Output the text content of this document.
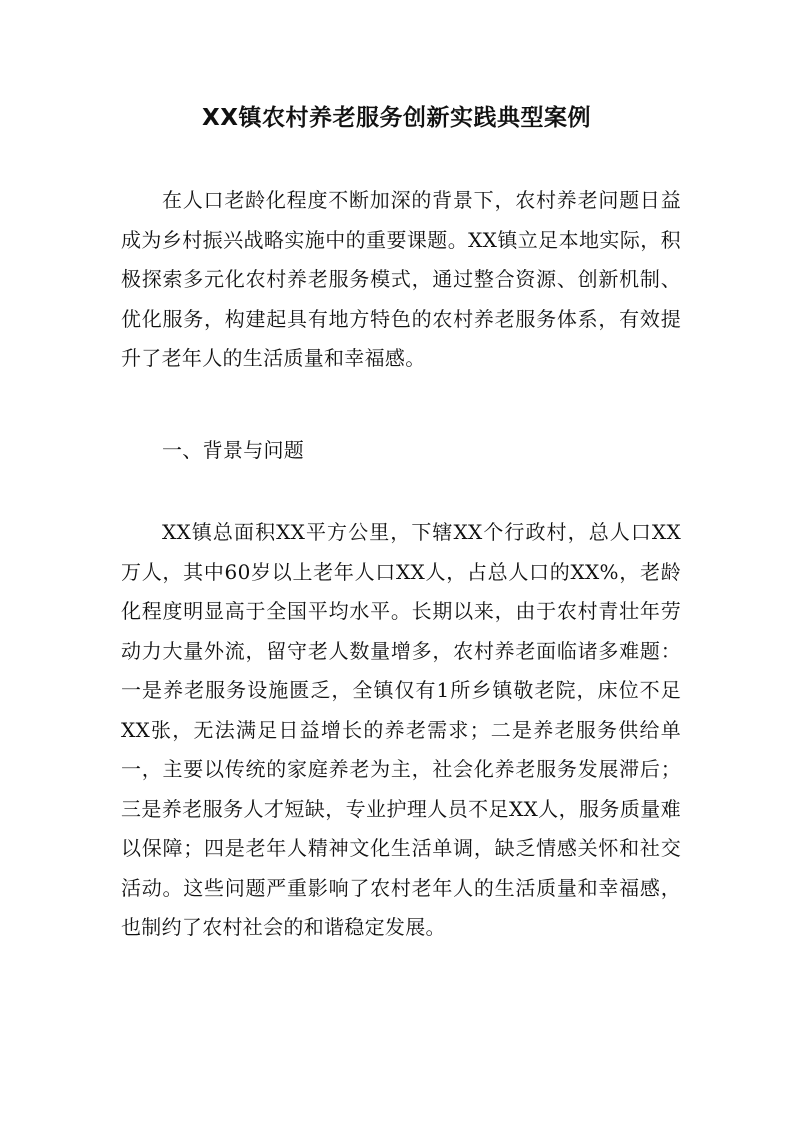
XX镇农村养老服务创新实践典型案例

在人口老龄化程度不断加深的背景下，农村养老问题日益成为乡村振兴战略实施中的重要课题。XX镇立足本地实际，积极探索多元化农村养老服务模式，通过整合资源、创新机制、优化服务，构建起具有地方特色的农村养老服务体系，有效提升了老年人的生活质量和幸福感。

一、背景与问题

XX镇总面积XX平方公里，下辖XX个行政村，总人口XX万人，其中60岁以上老年人口XX人，占总人口的XX%，老龄化程度明显高于全国平均水平。长期以来，由于农村青壮年劳动力大量外流，留守老人数量增多，农村养老面临诸多难题：一是养老服务设施匮乏，全镇仅有1所乡镇敬老院，床位不足XX张，无法满足日益增长的养老需求；二是养老服务供给单一，主要以传统的家庭养老为主，社会化养老服务发展滞后；三是养老服务人才短缺，专业护理人员不足XX人，服务质量难以保障；四是老年人精神文化生活单调，缺乏情感关怀和社交活动。这些问题严重影响了农村老年人的生活质量和幸福感，也制约了农村社会的和谐稳定发展。
